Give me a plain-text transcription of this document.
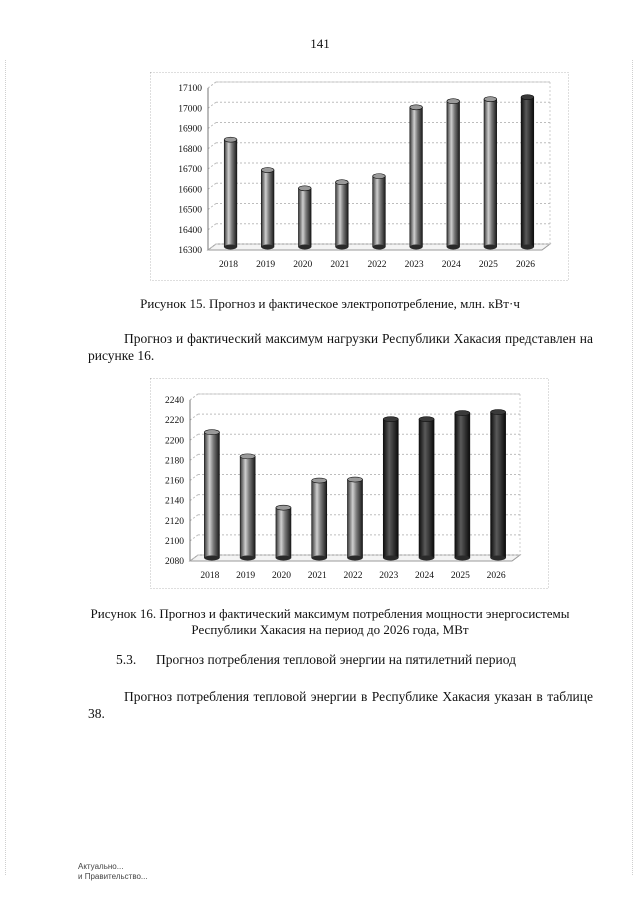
141
16300
16400
16500
16600
16700
16800
16900
17000
17100
2018 2019 2020 2021 2022 2023 2024 2025 2026
Рисунок 15. Прогноз и фактическое электропотребление, млн. кВт·ч
Прогноз и фактический максимум нагрузки Республики Хакасия представлен на рисунке 16.
2080
2100
2120
2140
2160
2180
2200
2220
2240
2018 2019 2020 2021 2022 2023 2024 2025 2026
Рисунок 16. Прогноз и фактический максимум потребления мощности энергосистемы
Республики Хакасия на период до 2026 года, МВт
5.3. Прогноз потребления тепловой энергии на пятилетний период
Прогноз потребления тепловой энергии в Республике Хакасия указан в таблице 38.
Aктуально...
и Правительство...
